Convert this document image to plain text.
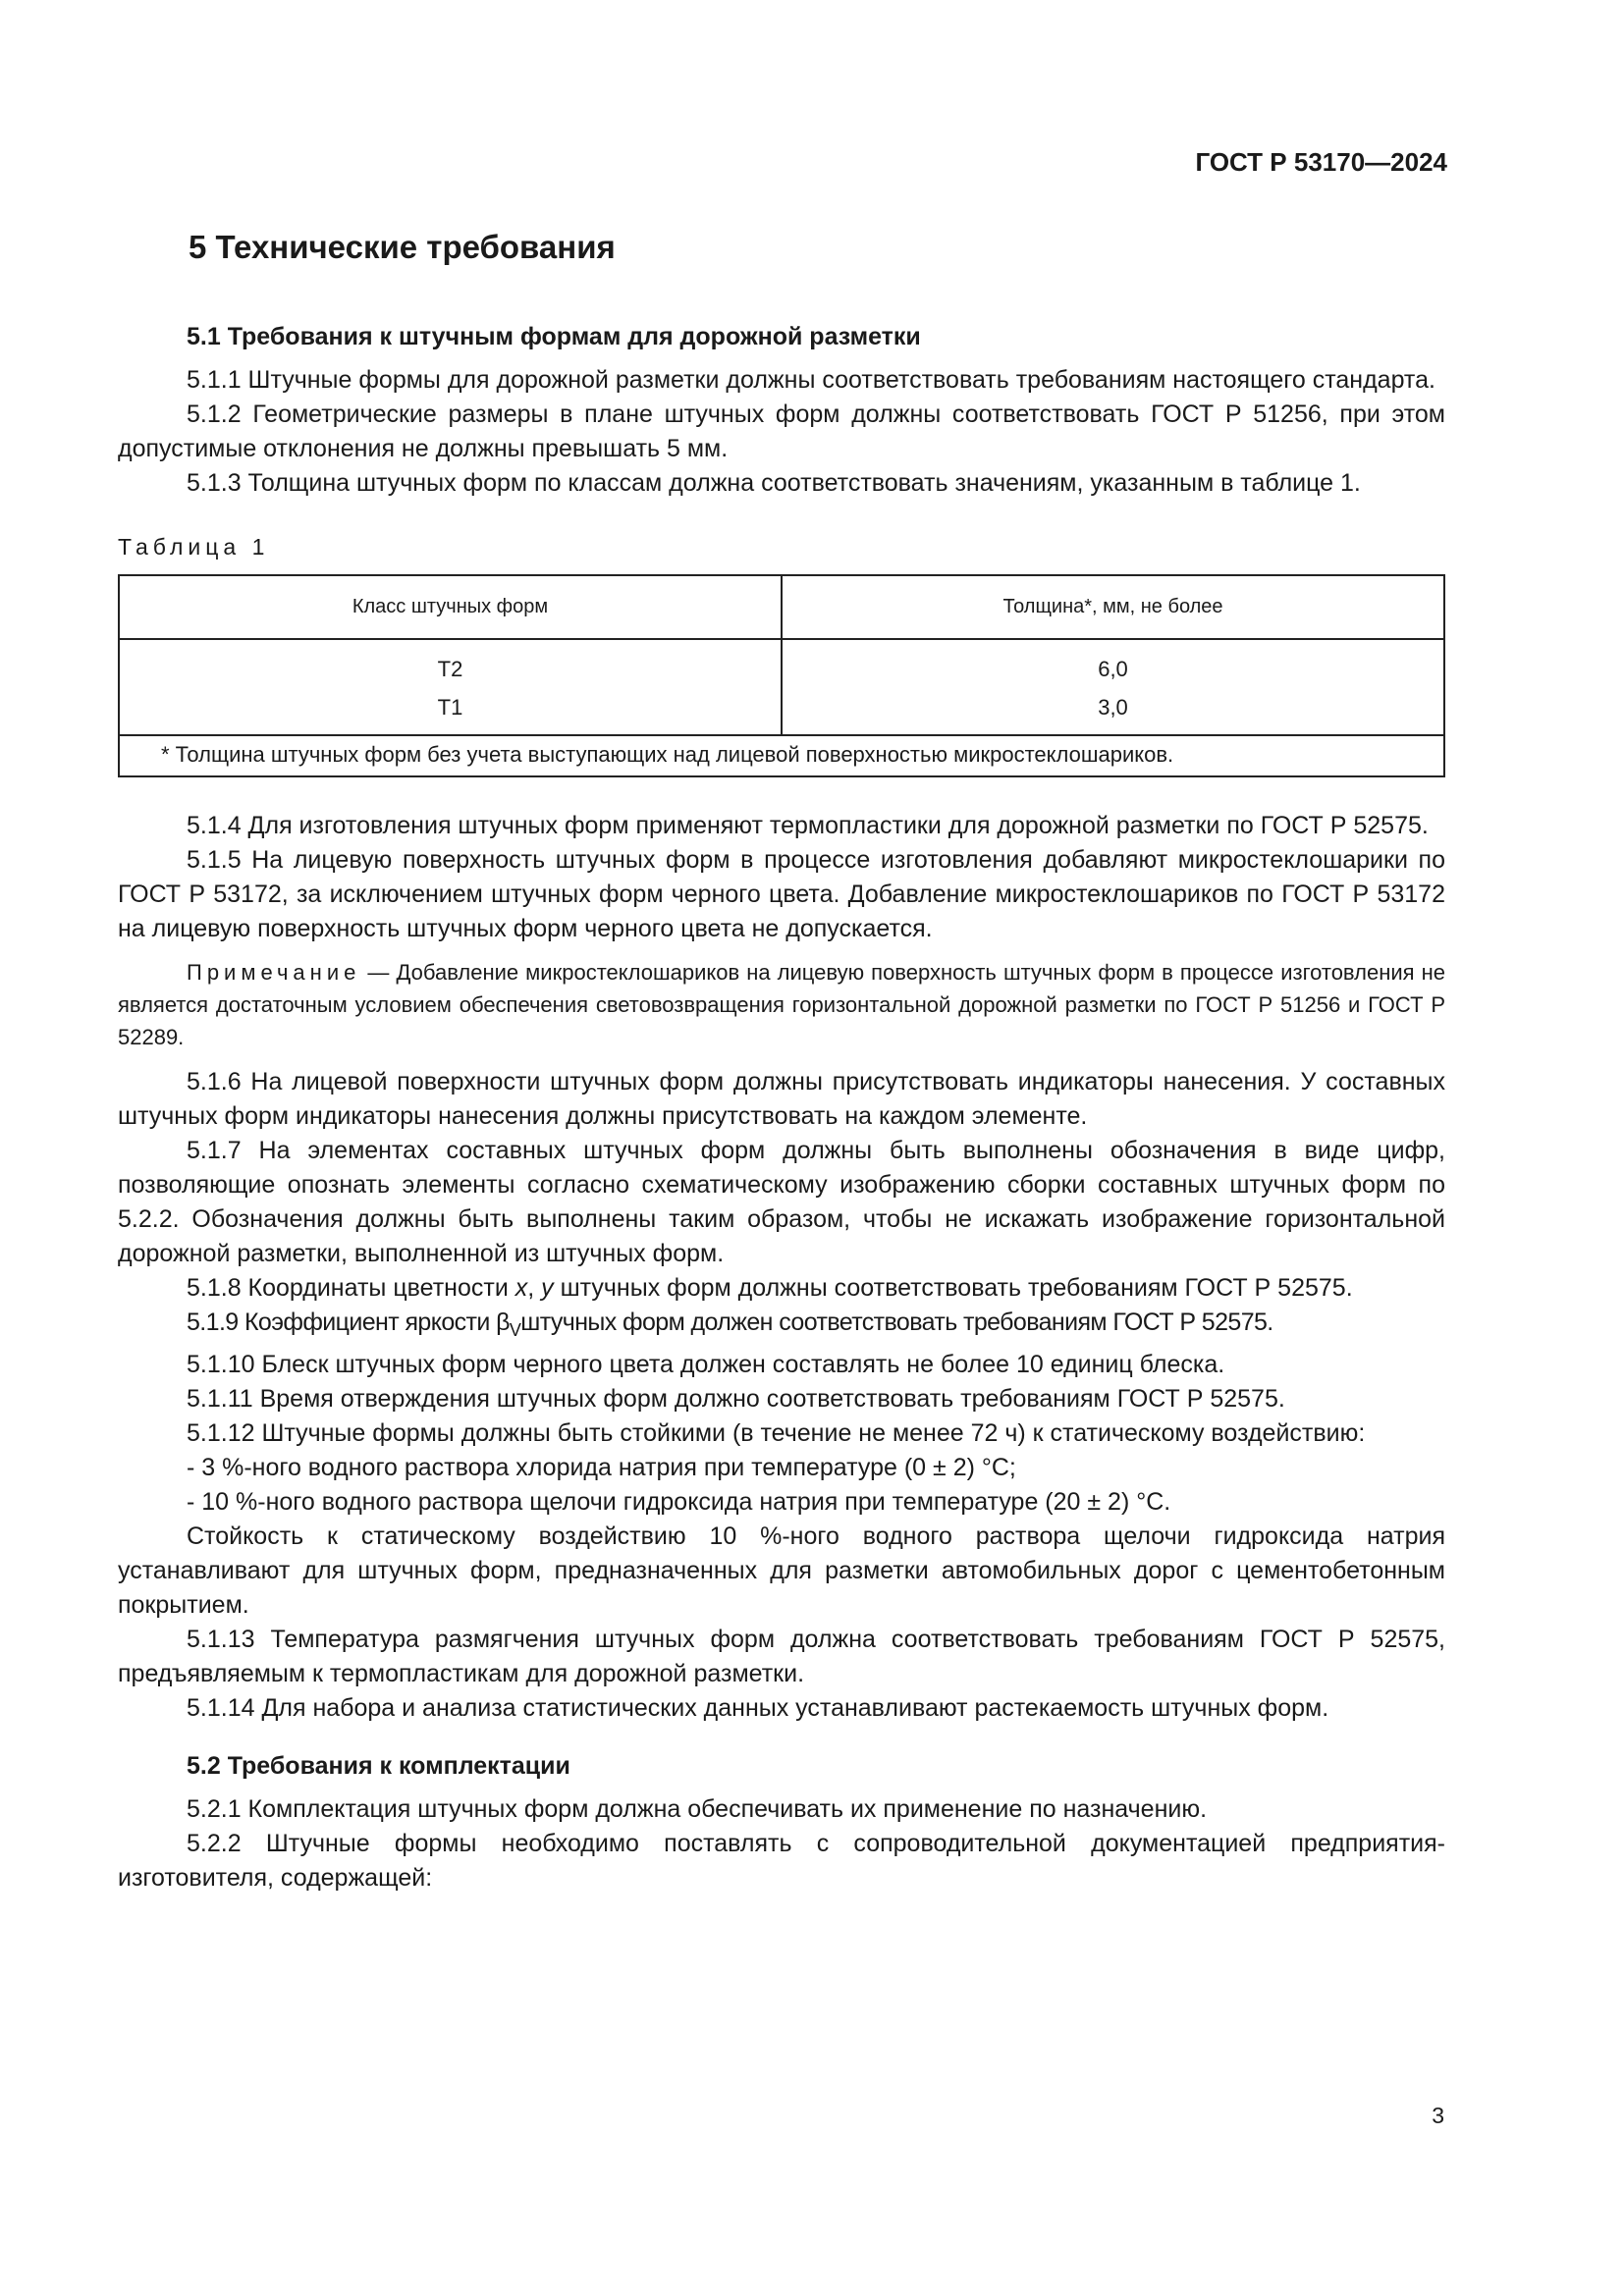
ГОСТ Р 53170—2024
5 Технические требования
5.1 Требования к штучным формам для дорожной разметки

5.1.1 Штучные формы для дорожной разметки должны соответствовать требованиям настоящего стандарта.

5.1.2 Геометрические размеры в плане штучных форм должны соответствовать ГОСТ Р 51256, при этом допустимые отклонения не должны превышать 5 мм.

5.1.3 Толщина штучных форм по классам должна соответствовать значениям, указанным в таблице 1.

Таблица 1
Класс штучных форм	Толщина*, мм, не более
Т2	6,0
Т1	3,0
* Толщина штучных форм без учета выступающих над лицевой поверхностью микростеклошариков.	

5.1.4 Для изготовления штучных форм применяют термопластики для дорожной разметки по ГОСТ Р 52575.

5.1.5 На лицевую поверхность штучных форм в процессе изготовления добавляют микростеклошарики по ГОСТ Р 53172, за исключением штучных форм черного цвета. Добавление микростеклошариков по ГОСТ Р 53172 на лицевую поверхность штучных форм черного цвета не допускается.

Примечание — Добавление микростеклошариков на лицевую поверхность штучных форм в процессе изготовления не является достаточным условием обеспечения световозвращения горизонтальной дорожной разметки по ГОСТ Р 51256 и ГОСТ Р 52289.

5.1.6 На лицевой поверхности штучных форм должны присутствовать индикаторы нанесения. У составных штучных форм индикаторы нанесения должны присутствовать на каждом элементе.

5.1.7 На элементах составных штучных форм должны быть выполнены обозначения в виде цифр, позволяющие опознать элементы согласно схематическому изображению сборки составных штучных форм по 5.2.2. Обозначения должны быть выполнены таким образом, чтобы не искажать изображение горизонтальной дорожной разметки, выполненной из штучных форм.

5.1.8 Координаты цветности x, y штучных форм должны соответствовать требованиям ГОСТ Р 52575.

5.1.9 Коэффициент яркости $\beta_Vштучных$ форм должен соответствовать требованиям ГОСТ Р 52575.

5.1.10 Блеск штучных форм черного цвета должен составлять не более 10 единиц блеска.

5.1.11 Время отверждения штучных форм должно соответствовать требованиям ГОСТ Р 52575.

5.1.12 Штучные формы должны быть стойкими (в течение не менее 72 ч) к статическому воздействию:

- 3 %-ного водного раствора хлорида натрия при температуре (0 ± 2) °С;

- 10 %-ного водного раствора щелочи гидроксида натрия при температуре (20 ± 2) °С.

Стойкость к статическому воздействию 10 %-ного водного раствора щелочи гидроксида натрия устанавливают для штучных форм, предназначенных для разметки автомобильных дорог с цементобетонным покрытием.

5.1.13 Температура размягчения штучных форм должна соответствовать требованиям ГОСТ Р 52575, предъявляемым к термопластикам для дорожной разметки.

5.1.14 Для набора и анализа статистических данных устанавливают растекаемость штучных форм.

5.2 Требования к комплектации

5.2.1 Комплектация штучных форм должна обеспечивать их применение по назначению.

5.2.2 Штучные формы необходимо поставлять с сопроводительной документацией предприятия-изготовителя, содержащей:

3
